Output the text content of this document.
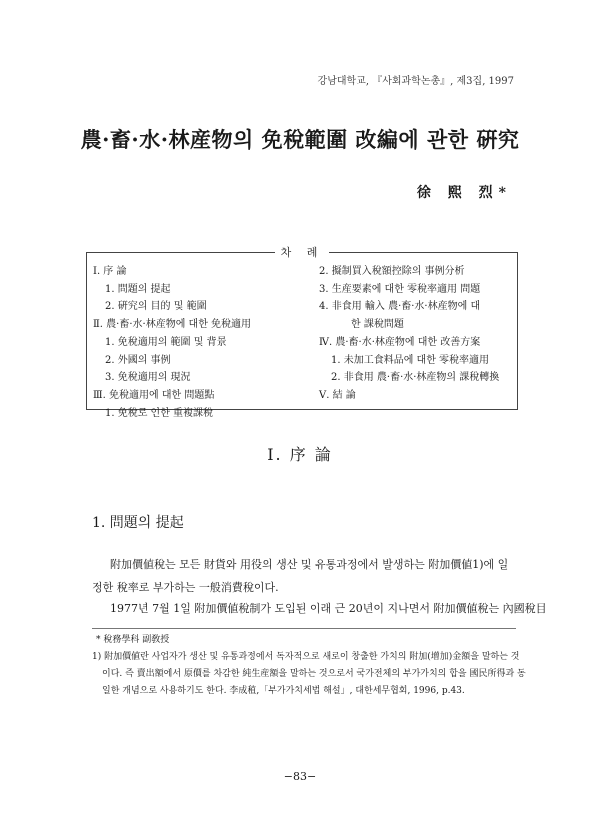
강남대학교, 『사회과학논총』, 제3집, 1997
農·畜·水·林産物의 免稅範圍 改編에 관한 硏究
徐 熙 烈*
차 례
Ⅰ. 序 論
1. 問題의 提起
2. 硏究의 目的 및 範圍
Ⅱ. 農·畜·水·林産物에 대한 免稅適用
1. 免稅適用의 範圍 및 背景
2. 外國의 事例
3. 免稅適用의 現況
Ⅲ. 免稅適用에 대한 問題點
1. 免稅로 인한 重複課稅
2. 擬制買入稅額控除의 事例分析
3. 生産要素에 대한 零稅率適用 問題
4. 非食用 輸入 農·畜·水·林産物에 대
한 課稅問題
Ⅳ. 農·畜·水·林産物에 대한 改善方案
1. 未加工食料品에 대한 零稅率適用
2. 非食用 農·畜·水·林産物의 課稅轉換
Ⅴ. 結 論
Ⅰ. 序 論
1. 問題의 提起
附加價値稅는 모든 財貨와 用役의 생산 및 유통과정에서 발생하는 附加價値1)에 일정한 稅率로 부가하는 一般消費稅이다.
1977년 7월 1일 附加價値稅制가 도입된 이래 근 20년이 지나면서 附加價値稅는 內國稅目
* 稅務學科 副敎授
1) 附加價値란 사업자가 생산 및 유통과정에서 독자적으로 새로이 창출한 가치의 附加(增加)金額을 말하는 것이다. 즉 賣出額에서 原價를 차감한 純生産額을 말하는 것으로서 국가전체의 부가가치의 합을 國民所得과 동일한 개념으로 사용하기도 한다. 李成稙,「부가가치세법 해설」, 대한세무협회, 1996, p.43.
−83−
